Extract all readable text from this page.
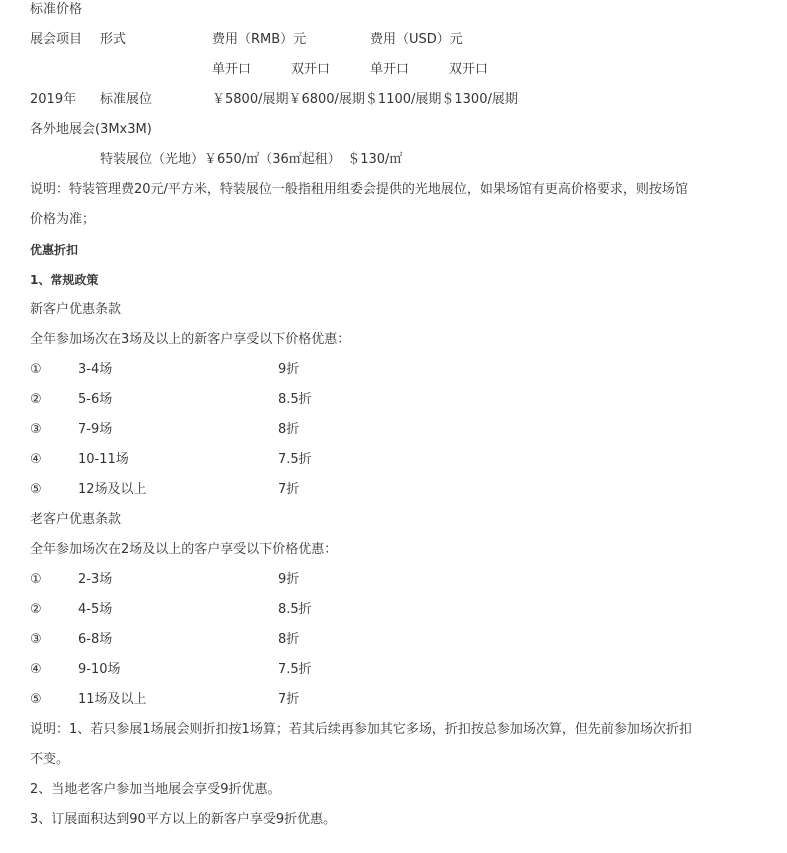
标准价格
展会项目 形式	费用（RMB）元	费用（USD）元
单开口	双开口	单开口	双开口
2019年 标准展位	￥5800/展期￥6800/展期＄1100/展期＄1300/展期
各外地展会(3Mx3M)
特装展位（光地）￥650/㎡（36㎡起租）　＄130/㎡
说明：特装管理费20元/平方米，特装展位一般指租用组委会提供的光地展位，如果场馆有更高价格要求，则按场馆
价格为准；
优惠折扣
1、常规政策
新客户优惠条款
全年参加场次在3场及以上的新客户享受以下价格优惠：
①	3-4场	9折
②	5-6场	8.5折
③	7-9场	8折
④	10-11场	7.5折
⑤	12场及以上	7折
老客户优惠条款
全年参加场次在2场及以上的客户享受以下价格优惠：
①	2-3场	9折
②	4-5场	8.5折
③	6-8场	8折
④	9-10场	7.5折
⑤	11场及以上	7折
说明：1、若只参展1场展会则折扣按1场算；若其后续再参加其它多场，折扣按总参加场次算，但先前参加场次折扣
不变。
2、当地老客户参加当地展会享受9折优惠。
3、订展面积达到90平方以上的新客户享受9折优惠。
